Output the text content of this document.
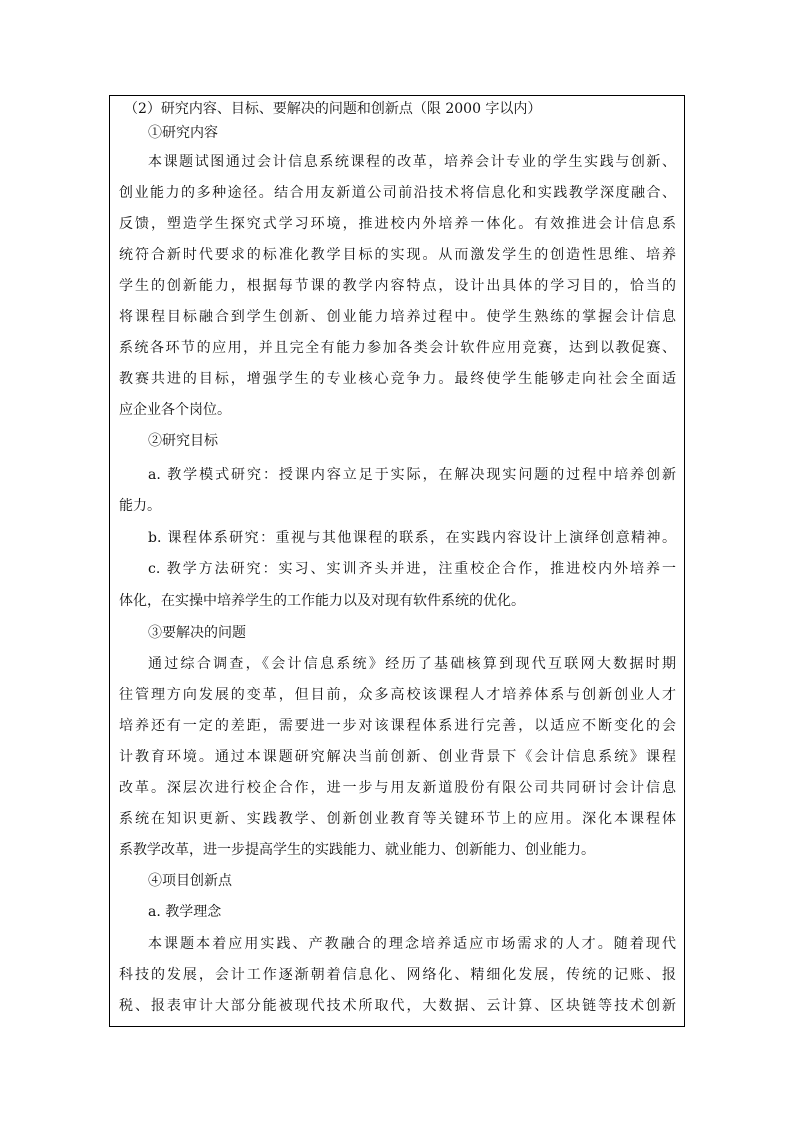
（2）研究内容、目标、要解决的问题和创新点（限 2000 字以内）
①研究内容
本课题试图通过会计信息系统课程的改革，培养会计专业的学生实践与创新、
创业能力的多种途径。结合用友新道公司前沿技术将信息化和实践教学深度融合、
反馈，塑造学生探究式学习环境，推进校内外培养一体化。有效推进会计信息系
统符合新时代要求的标准化教学目标的实现。从而激发学生的创造性思维、培养
学生的创新能力，根据每节课的教学内容特点，设计出具体的学习目的，恰当的
将课程目标融合到学生创新、创业能力培养过程中。使学生熟练的掌握会计信息
系统各环节的应用，并且完全有能力参加各类会计软件应用竞赛，达到以教促赛、
教赛共进的目标，增强学生的专业核心竞争力。最终使学生能够走向社会全面适
应企业各个岗位。
②研究目标
a. 教学模式研究：授课内容立足于实际，在解决现实问题的过程中培养创新
能力。
b. 课程体系研究：重视与其他课程的联系，在实践内容设计上演绎创意精神。
c. 教学方法研究：实习、实训齐头并进，注重校企合作，推进校内外培养一
体化，在实操中培养学生的工作能力以及对现有软件系统的优化。
③要解决的问题
通过综合调查，《会计信息系统》经历了基础核算到现代互联网大数据时期
往管理方向发展的变革，但目前，众多高校该课程人才培养体系与创新创业人才
培养还有一定的差距，需要进一步对该课程体系进行完善，以适应不断变化的会
计教育环境。通过本课题研究解决当前创新、创业背景下《会计信息系统》课程
改革。深层次进行校企合作，进一步与用友新道股份有限公司共同研讨会计信息
系统在知识更新、实践教学、创新创业教育等关键环节上的应用。深化本课程体
系教学改革，进一步提高学生的实践能力、就业能力、创新能力、创业能力。
④项目创新点
a. 教学理念
本课题本着应用实践、产教融合的理念培养适应市场需求的人才。随着现代
科技的发展，会计工作逐渐朝着信息化、网络化、精细化发展，传统的记账、报
税、报表审计大部分能被现代技术所取代，大数据、云计算、区块链等技术创新
